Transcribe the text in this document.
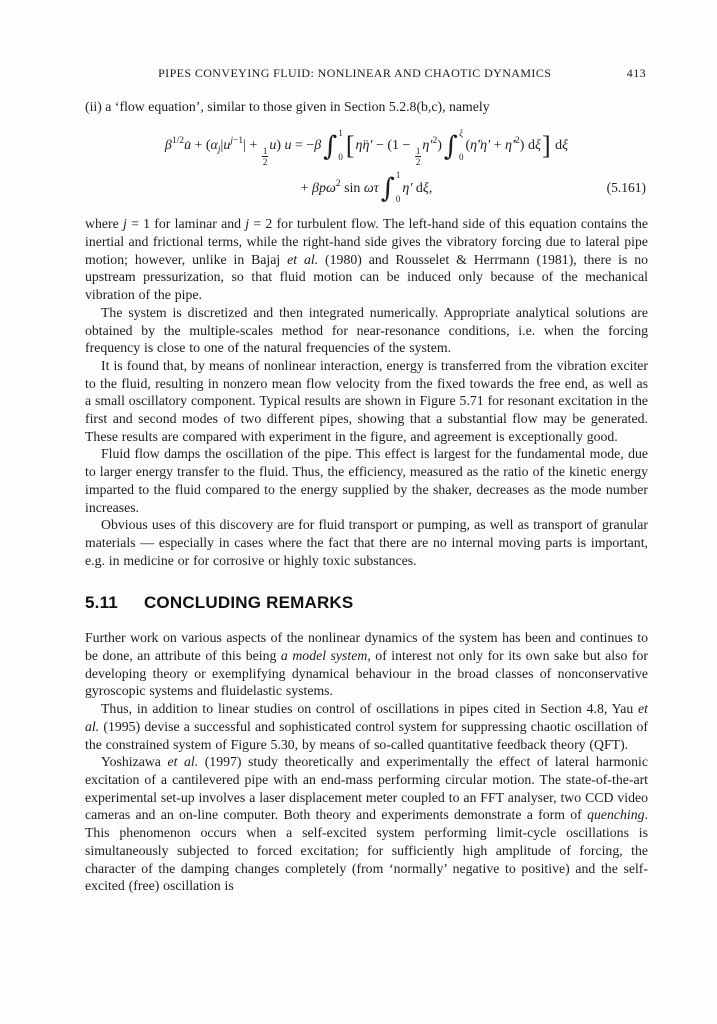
PIPES CONVEYING FLUID: NONLINEAR AND CHAOTIC DYNAMICS	413

(ii) a ‘flow equation’, similar to those given in Section 5.2.8(b,c), namely

$\beta^{1/2}u̇ + (\alpha_j|u^{j-1}| + \frac{1}{2} u) u = -\beta$ ∫ 1
0 [η̈η′ − $(1 - \frac{1}{2} \eta'^2)$ ∫ ξ
0
(η̈′η′ + $\etȧ'^2$) dξ] dξ
+ βpω$^2$ sin ωτ ∫ 1
0
η′ dξ,	(5.161)

where j = 1 for laminar and j = 2 for turbulent flow. The left-hand side of this equation contains the inertial and frictional terms, while the right-hand side gives the vibratory forcing due to lateral pipe motion; however, unlike in Bajaj et al. (1980) and Rousselet & Herrmann (1981), there is no upstream pressurization, so that fluid motion can be induced only because of the mechanical vibration of the pipe.

The system is discretized and then integrated numerically. Appropriate analytical solutions are obtained by the multiple-scales method for near-resonance conditions, i.e. when the forcing frequency is close to one of the natural frequencies of the system.

It is found that, by means of nonlinear interaction, energy is transferred from the vibration exciter to the fluid, resulting in nonzero mean flow velocity from the fixed towards the free end, as well as a small oscillatory component. Typical results are shown in Figure 5.71 for resonant excitation in the first and second modes of two different pipes, showing that a substantial flow may be generated. These results are compared with experiment in the figure, and agreement is exceptionally good.

Fluid flow damps the oscillation of the pipe. This effect is largest for the fundamental mode, due to larger energy transfer to the fluid. Thus, the efficiency, measured as the ratio of the kinetic energy imparted to the fluid compared to the energy supplied by the shaker, decreases as the mode number increases.

Obvious uses of this discovery are for fluid transport or pumping, as well as transport of granular materials — especially in cases where the fact that there are no internal moving parts is important, e.g. in medicine or for corrosive or highly toxic substances.

5.11 CONCLUDING REMARKS

Further work on various aspects of the nonlinear dynamics of the system has been and continues to be done, an attribute of this being a model system, of interest not only for its own sake but also for developing theory or exemplifying dynamical behaviour in the broad classes of nonconservative gyroscopic systems and fluidelastic systems.

Thus, in addition to linear studies on control of oscillations in pipes cited in Section 4.8, Yau et al. (1995) devise a successful and sophisticated control system for suppressing chaotic oscillation of the constrained system of Figure 5.30, by means of so-called quantitative feedback theory (QFT).

Yoshizawa et al. (1997) study theoretically and experimentally the effect of lateral harmonic excitation of a cantilevered pipe with an end-mass performing circular motion. The state-of-the-art experimental set-up involves a laser displacement meter coupled to an FFT analyser, two CCD video cameras and an on-line computer. Both theory and experiments demonstrate a form of quenching. This phenomenon occurs when a self-excited system performing limit-cycle oscillations is simultaneously subjected to forced excitation; for sufficiently high amplitude of forcing, the character of the damping changes completely (from ‘normally’ negative to positive) and the self-excited (free) oscillation is
